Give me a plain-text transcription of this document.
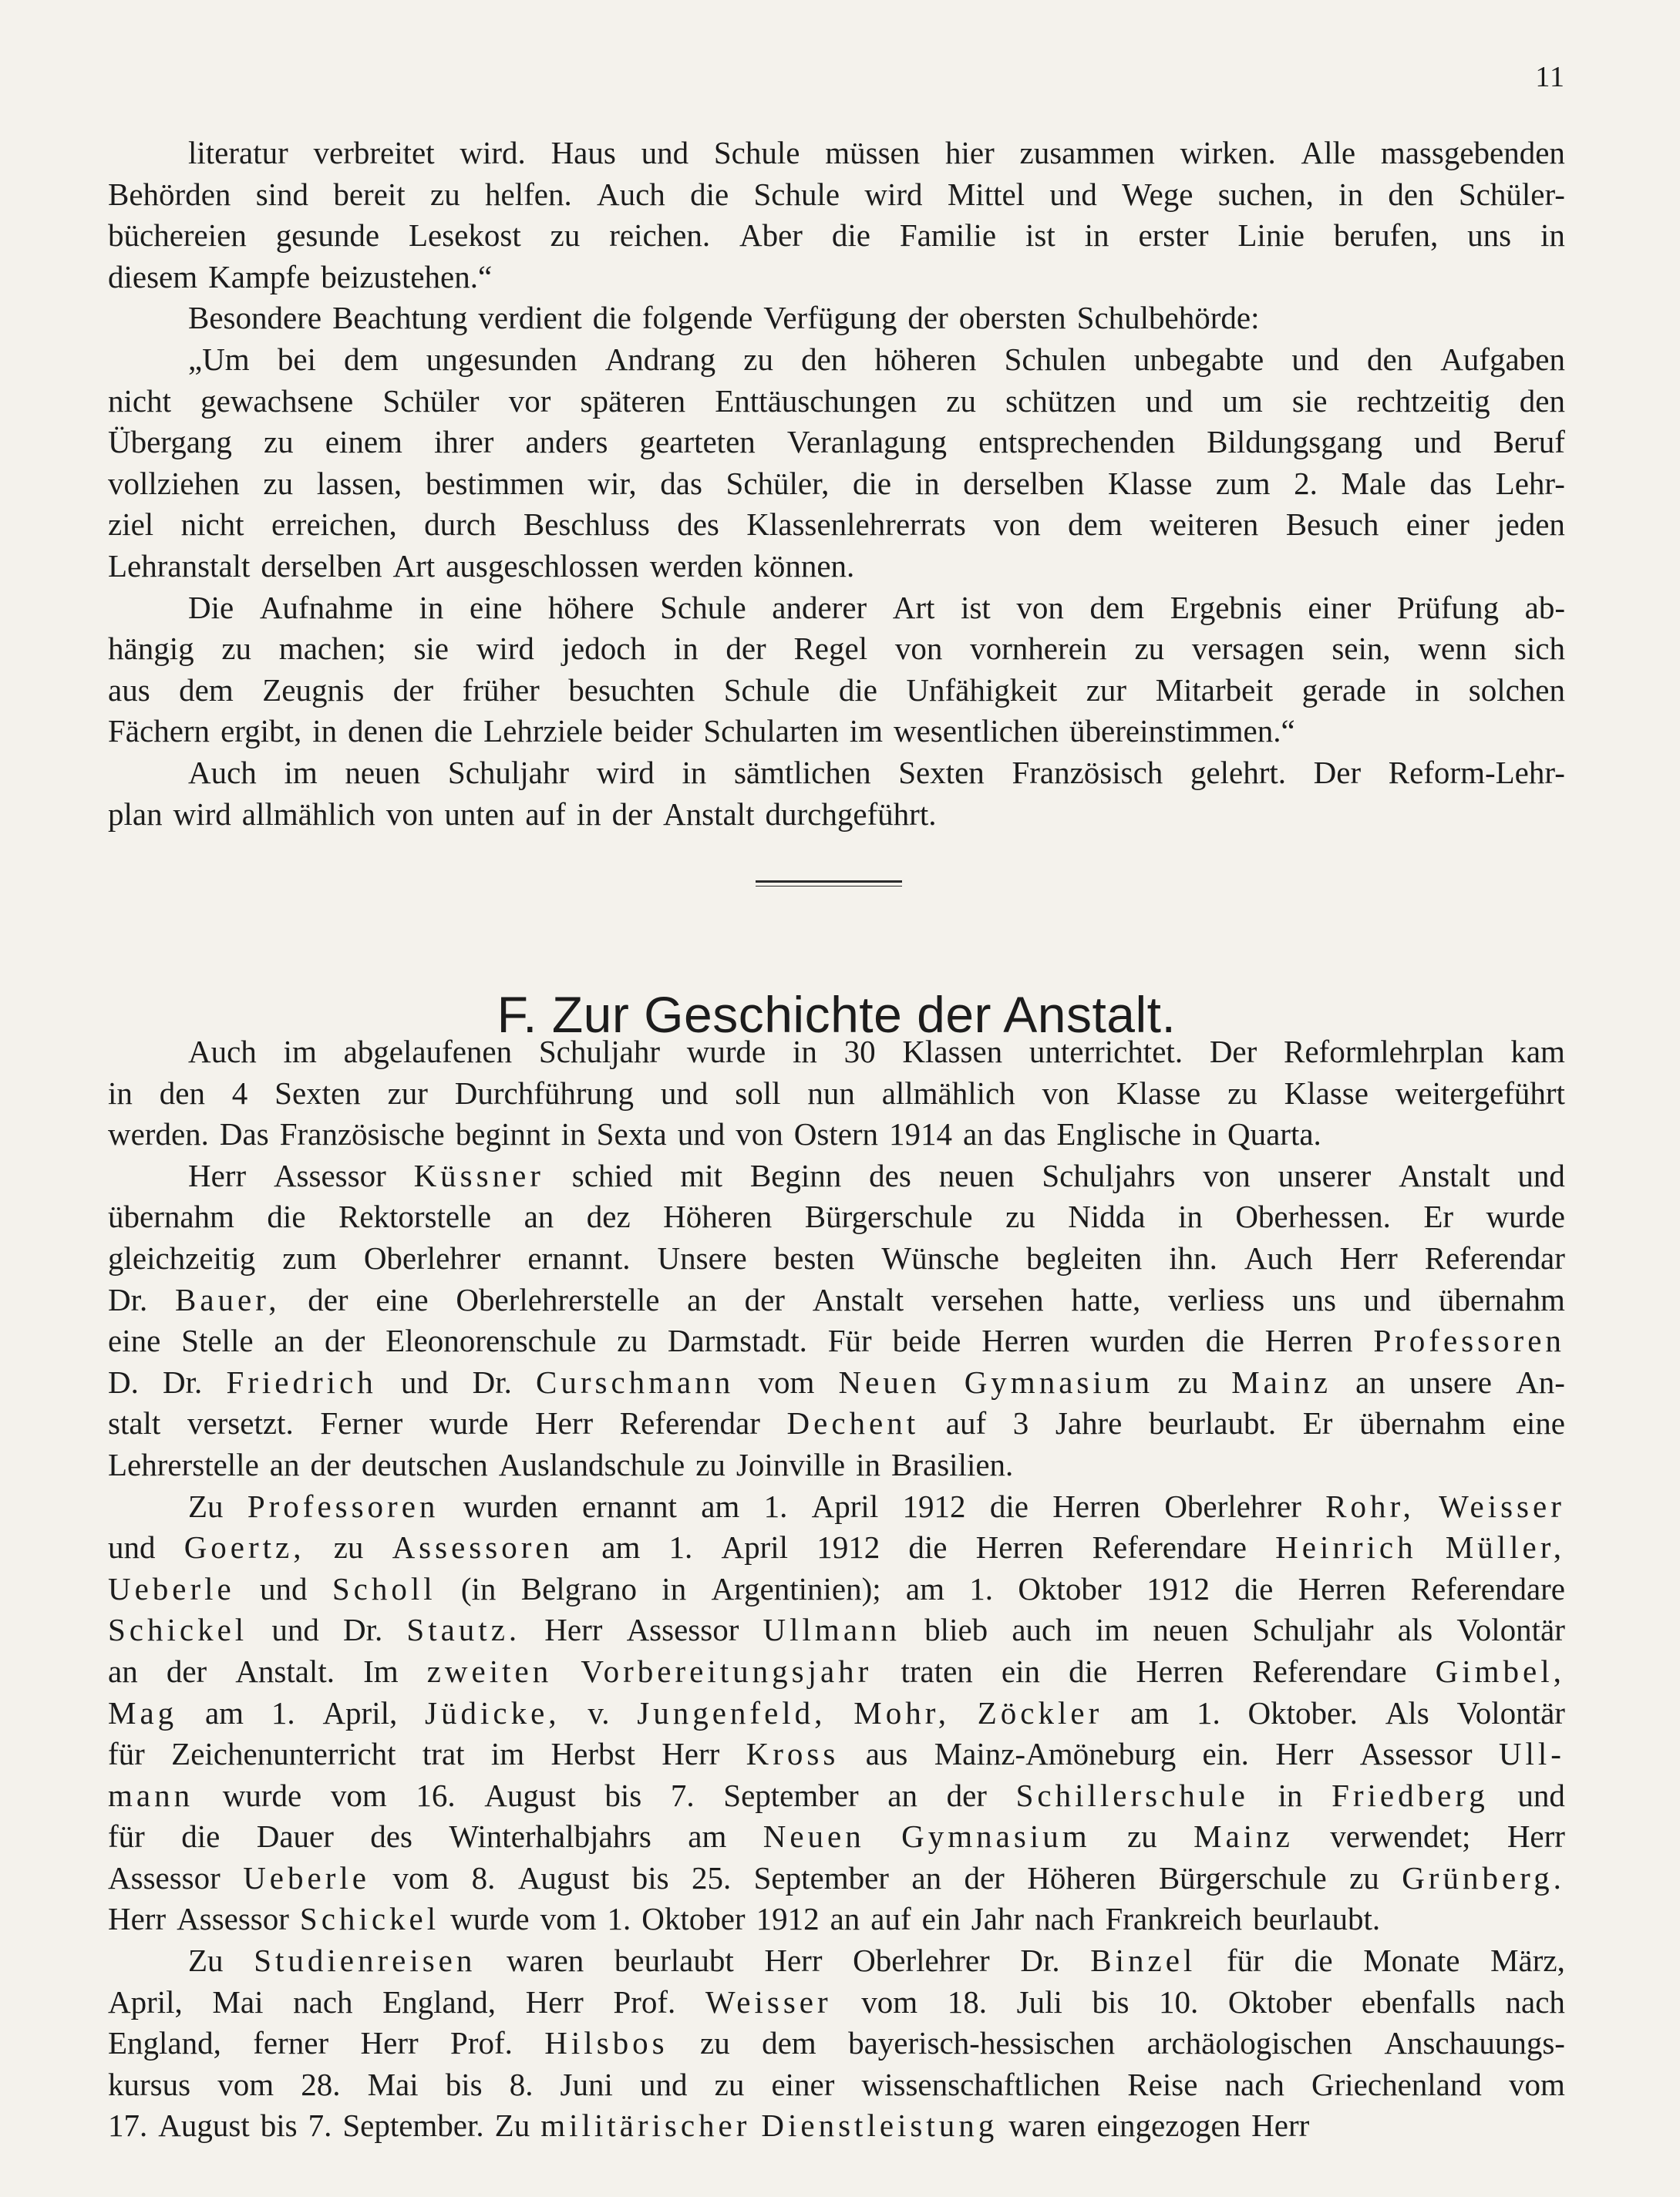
11
literatur verbreitet wird. Haus und Schule müssen hier zusammen wirken. Alle massgebenden
Behörden sind bereit zu helfen. Auch die Schule wird Mittel und Wege suchen, in den Schüler-
büchereien gesunde Lesekost zu reichen. Aber die Familie ist in erster Linie berufen, uns in
diesem Kampfe beizustehen.“
Besondere Beachtung verdient die folgende Verfügung der obersten Schulbehörde:
„Um bei dem ungesunden Andrang zu den höheren Schulen unbegabte und den Aufgaben
nicht gewachsene Schüler vor späteren Enttäuschungen zu schützen und um sie rechtzeitig den
Übergang zu einem ihrer anders gearteten Veranlagung entsprechenden Bildungsgang und Beruf
vollziehen zu lassen, bestimmen wir, das Schüler, die in derselben Klasse zum 2. Male das Lehr-
ziel nicht erreichen, durch Beschluss des Klassenlehrerrats von dem weiteren Besuch einer jeden
Lehranstalt derselben Art ausgeschlossen werden können.
Die Aufnahme in eine höhere Schule anderer Art ist von dem Ergebnis einer Prüfung ab-
hängig zu machen; sie wird jedoch in der Regel von vornherein zu versagen sein, wenn sich
aus dem Zeugnis der früher besuchten Schule die Unfähigkeit zur Mitarbeit gerade in solchen
Fächern ergibt, in denen die Lehrziele beider Schularten im wesentlichen übereinstimmen.“
Auch im neuen Schuljahr wird in sämtlichen Sexten Französisch gelehrt. Der Reform-Lehr-
plan wird allmählich von unten auf in der Anstalt durchgeführt.
F. Zur Geschichte der Anstalt.
Auch im abgelaufenen Schuljahr wurde in 30 Klassen unterrichtet. Der Reformlehrplan kam
in den 4 Sexten zur Durchführung und soll nun allmählich von Klasse zu Klasse weitergeführt
werden. Das Französische beginnt in Sexta und von Ostern 1914 an das Englische in Quarta.
Herr Assessor Küssner schied mit Beginn des neuen Schuljahrs von unserer Anstalt und
übernahm die Rektorstelle an dez Höheren Bürgerschule zu Nidda in Oberhessen. Er wurde
gleichzeitig zum Oberlehrer ernannt. Unsere besten Wünsche begleiten ihn. Auch Herr Referendar
Dr. Bauer, der eine Oberlehrerstelle an der Anstalt versehen hatte, verliess uns und übernahm
eine Stelle an der Eleonorenschule zu Darmstadt. Für beide Herren wurden die Herren Professoren
D. Dr. Friedrich und Dr. Curschmann vom Neuen Gymnasium zu Mainz an unsere An-
stalt versetzt. Ferner wurde Herr Referendar Dechent auf 3 Jahre beurlaubt. Er übernahm eine
Lehrerstelle an der deutschen Auslandschule zu Joinville in Brasilien.
Zu Professoren wurden ernannt am 1. April 1912 die Herren Oberlehrer Rohr, Weisser
und Goertz, zu Assessoren am 1. April 1912 die Herren Referendare Heinrich Müller,
Ueberle und Scholl (in Belgrano in Argentinien); am 1. Oktober 1912 die Herren Referendare
Schickel und Dr. Stautz. Herr Assessor Ullmann blieb auch im neuen Schuljahr als Volontär
an der Anstalt. Im zweiten Vorbereitungsjahr traten ein die Herren Referendare Gimbel,
Mag am 1. April, Jüdicke, v. Jungenfeld, Mohr, Zöckler am 1. Oktober. Als Volontär
für Zeichenunterricht trat im Herbst Herr Kross aus Mainz-Amöneburg ein. Herr Assessor Ull-
mann wurde vom 16. August bis 7. September an der Schillerschule in Friedberg und
für die Dauer des Winterhalbjahrs am Neuen Gymnasium zu Mainz verwendet; Herr
Assessor Ueberle vom 8. August bis 25. September an der Höheren Bürgerschule zu Grünberg.
Herr Assessor Schickel wurde vom 1. Oktober 1912 an auf ein Jahr nach Frankreich beurlaubt.
Zu Studienreisen waren beurlaubt Herr Oberlehrer Dr. Binzel für die Monate März,
April, Mai nach England, Herr Prof. Weisser vom 18. Juli bis 10. Oktober ebenfalls nach
England, ferner Herr Prof. Hilsbos zu dem bayerisch-hessischen archäologischen Anschauungs-
kursus vom 28. Mai bis 8. Juni und zu einer wissenschaftlichen Reise nach Griechenland vom
17. August bis 7. September. Zu militärischer Dienstleistung waren eingezogen Herr
